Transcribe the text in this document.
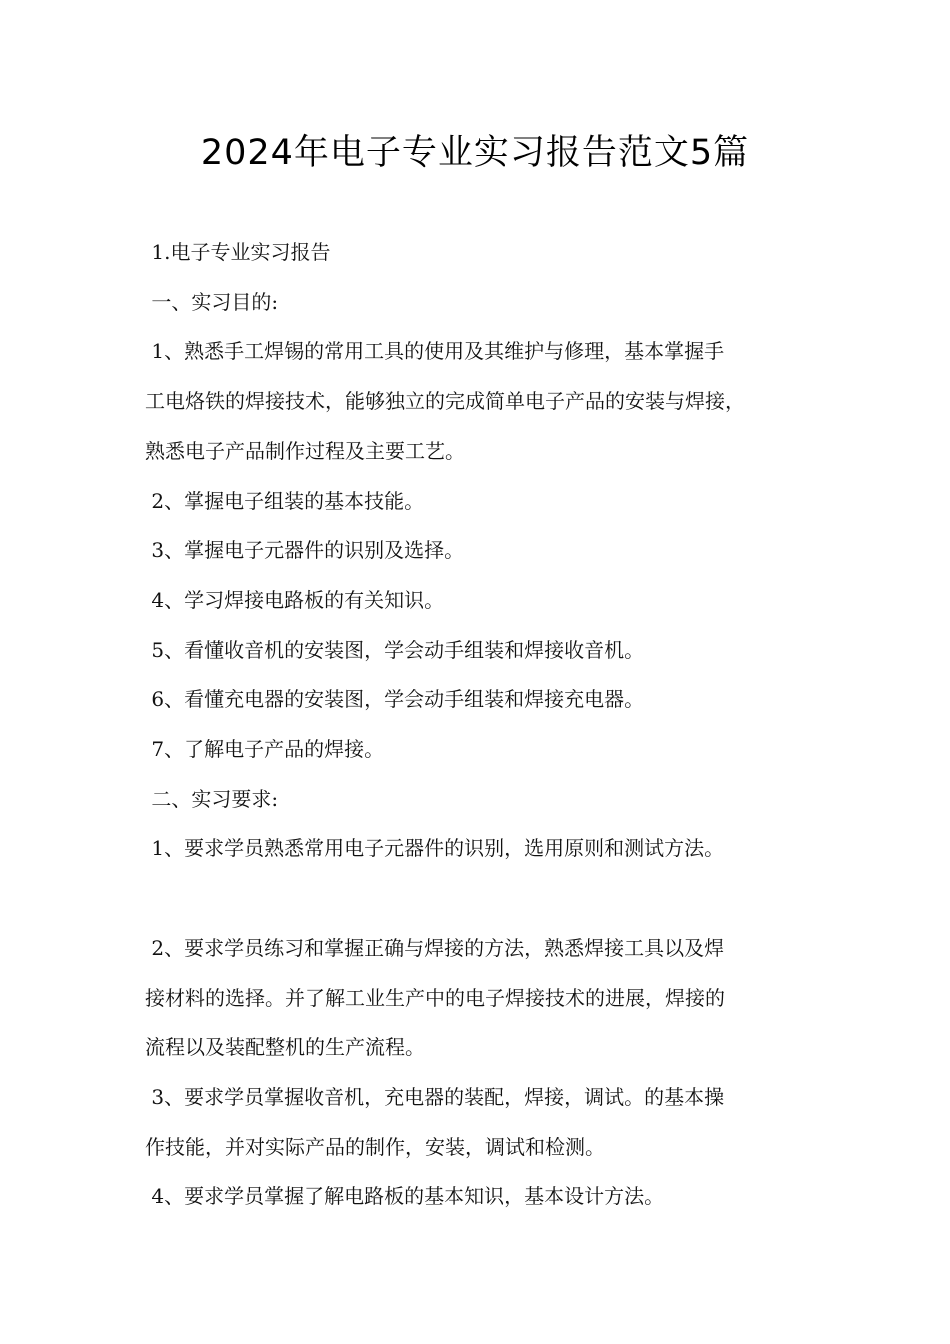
2024年电子专业实习报告范文5篇

1.电子专业实习报告

一、实习目的:

1、熟悉手工焊锡的常用工具的使用及其维护与修理，基本掌握手

工电烙铁的焊接技术，能够独立的完成简单电子产品的安装与焊接，

熟悉电子产品制作过程及主要工艺。

2、掌握电子组装的基本技能。

3、掌握电子元器件的识别及选择。

4、学习焊接电路板的有关知识。

5、看懂收音机的安装图，学会动手组装和焊接收音机。

6、看懂充电器的安装图，学会动手组装和焊接充电器。

7、了解电子产品的焊接。

二、实习要求:

1、要求学员熟悉常用电子元器件的识别，选用原则和测试方法。

2、要求学员练习和掌握正确与焊接的方法，熟悉焊接工具以及焊

接材料的选择。并了解工业生产中的电子焊接技术的进展，焊接的

流程以及装配整机的生产流程。

3、要求学员掌握收音机，充电器的装配，焊接，调试。的基本操

作技能，并对实际产品的制作，安装，调试和检测。

4、要求学员掌握了解电路板的基本知识，基本设计方法。
